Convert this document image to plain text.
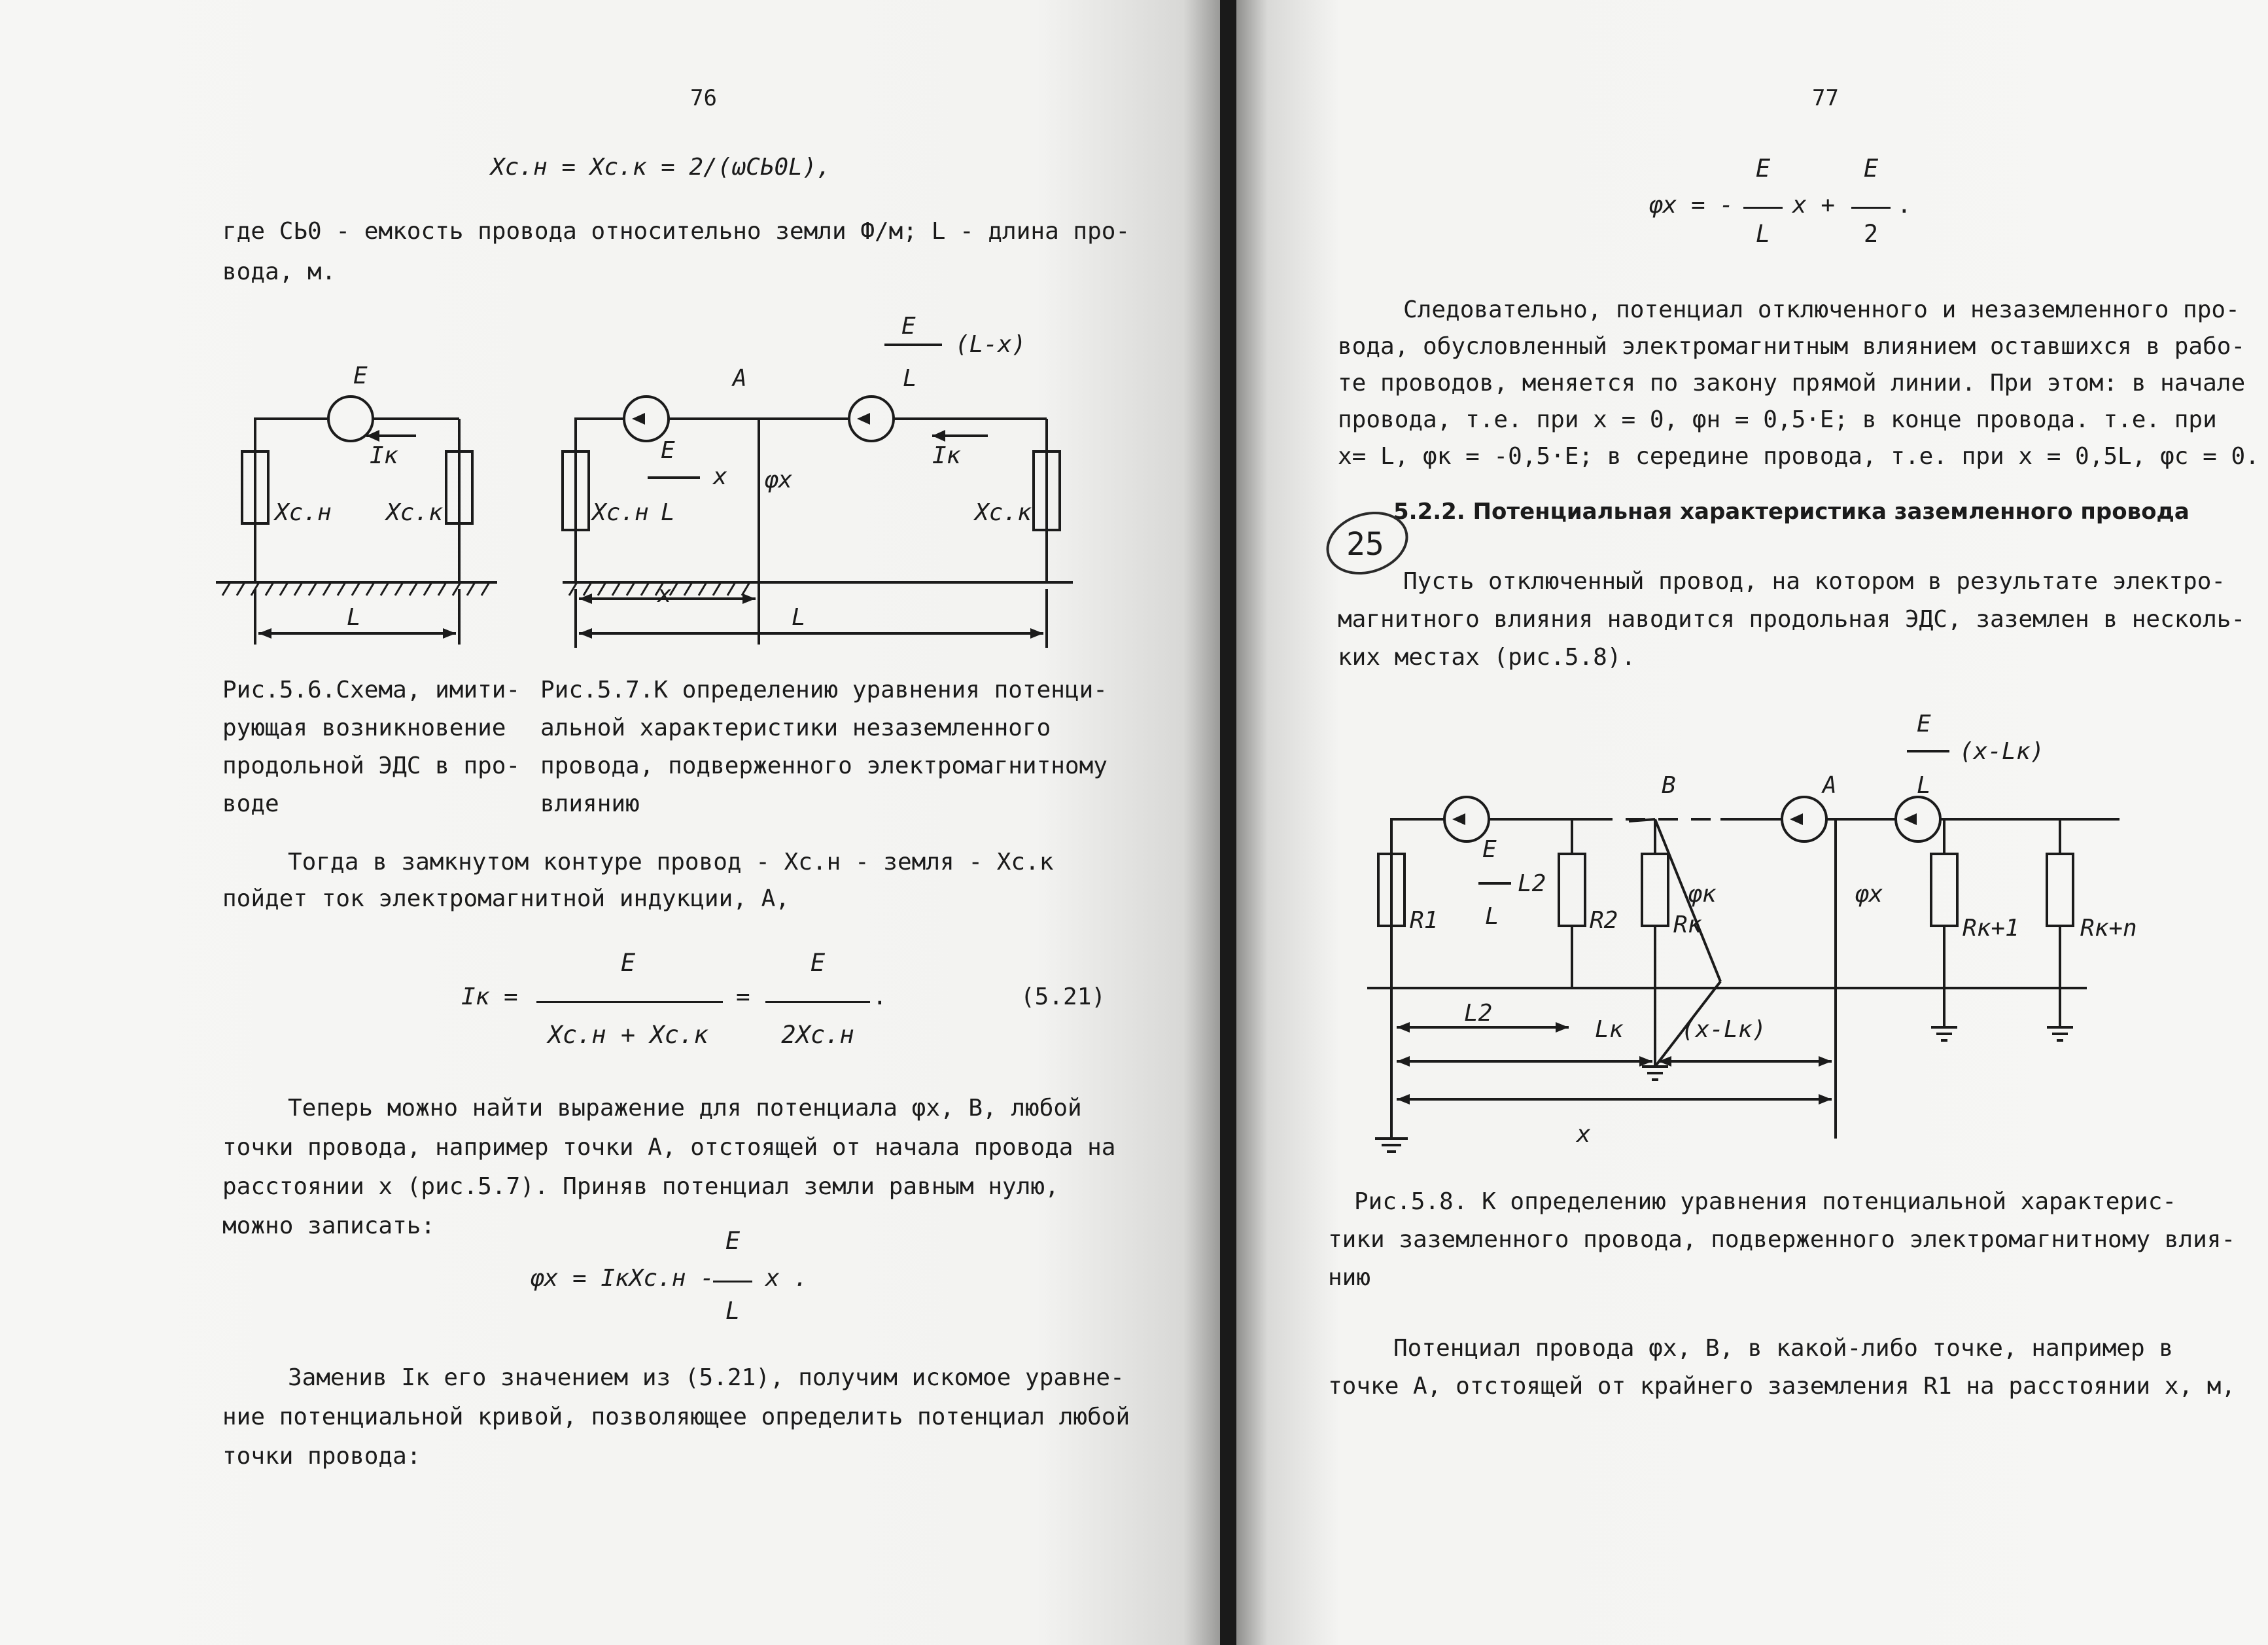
76
Xс.н = Xс.к = 2/(ωCЬ0L),
где CЬ0 - емкость провода относительно земли Ф/м; L - длина про-
вода, м.
E
Iк
Xс.н Xс.к
L
E
(L-x)
A	L
E
x
L
φх
Iк
Xс.н	Xс.к
x
L
Рис.5.6.Схема, имити-
рующая возникновение
продольной ЭДС в про-
воде
Рис.5.7.К определению уравнения потенци-
альной характеристики незаземленного
провода, подверженного электромагнитному
влиянию
Тогда в замкнутом контуре провод - Xс.н - земля - Xс.к
пойдет ток электромагнитной индукции, А,
Iк =
E
Xс.н + Xс.к
=
E
2Xс.н
.	(5.21)
Теперь можно найти выражение для потенциала φх, В, любой
точки провода, например точки A, отстоящей от начала провода на
расстоянии x (рис.5.7). Приняв потенциал земли равным нулю,
можно записать:
φх = IкXс.н -
E
L
x .
Заменив Iк его значением из (5.21), получим искомое уравне-
ние потенциальной кривой, позволяющее определить потенциал любой
точки провода:
77
φх = -
E
L
x +
E
2
.
Следовательно, потенциал отключенного и незаземленного про-
вода, обусловленный электромагнитным влиянием оставшихся в рабо-
те проводов, меняется по закону прямой линии. При этом: в начале
провода, т.е. при x = 0, φн = 0,5·E; в конце провода. т.е. при
x= L, φк = -0,5·E; в середине провода, т.е. при x = 0,5L, φс = 0.
5.2.2. Потенциальная характеристика заземленного провода
25
Пусть отключенный провод, на котором в результате электро-
магнитного влияния наводится продольная ЭДС, заземлен в несколь-
ких местах (рис.5.8).
E
(x-Lк)
B	L
A
E
L2
L
R1	R2
φк
Rк
φх
Rк+1	Rк+n
L2
Lк (x-Lк)
x
Рис.5.8. К определению уравнения потенциальной характерис-
тики заземленного провода, подверженного электромагнитному влия-
нию
Потенциал провода φх, В, в какой-либо точке, например в
точке A, отстоящей от крайнего заземления R1 на расстоянии x, м,
